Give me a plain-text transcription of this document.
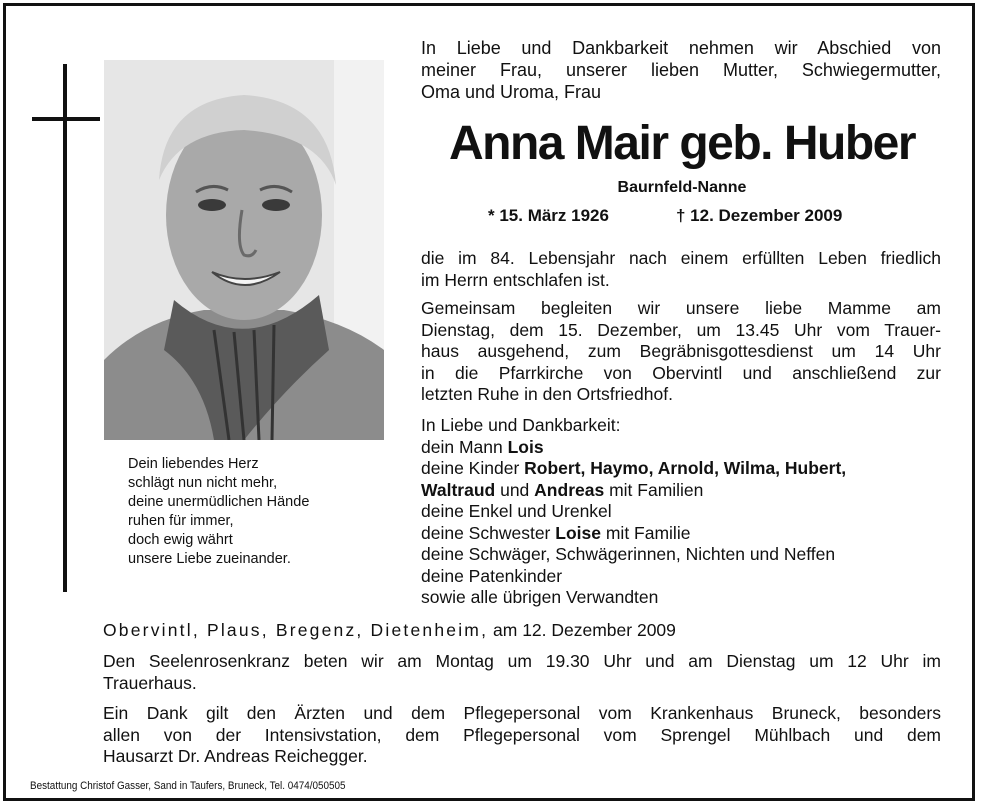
Dein liebendes Herz
schlägt nun nicht mehr,
deine unermüdlichen Hände
ruhen für immer,
doch ewig währt
unsere Liebe zueinander.
In Liebe und Dankbarkeit nehmen wir Abschied von
meiner Frau, unserer lieben Mutter, Schwiegermutter,
Oma und Uroma, Frau
Anna Mair geb. Huber
Baurnfeld-Nanne
* 15. März 1926	† 12. Dezember 2009
die im 84. Lebensjahr nach einem erfüllten Leben friedlich
im Herrn entschlafen ist.
Gemeinsam begleiten wir unsere liebe Mamme am
Dienstag, dem 15. Dezember, um 13.45 Uhr vom Trauer-
haus ausgehend, zum Begräbnisgottesdienst um 14 Uhr
in die Pfarrkirche von Obervintl und anschließend zur
letzten Ruhe in den Ortsfriedhof.
In Liebe und Dankbarkeit:
dein Mann Lois
deine Kinder Robert, Haymo, Arnold, Wilma, Hubert,
Waltraud und Andreas mit Familien
deine Enkel und Urenkel
deine Schwester Loise mit Familie
deine Schwäger, Schwägerinnen, Nichten und Neffen
deine Patenkinder
sowie alle übrigen Verwandten
Obervintl, Plaus, Bregenz, Dietenheim, am 12. Dezember 2009
Den Seelenrosenkranz beten wir am Montag um 19.30 Uhr und am Dienstag um 12 Uhr im
Trauerhaus.
Ein Dank gilt den Ärzten und dem Pflegepersonal vom Krankenhaus Bruneck, besonders
allen von der Intensivstation, dem Pflegepersonal vom Sprengel Mühlbach und dem
Hausarzt Dr. Andreas Reichegger.
Bestattung Christof Gasser, Sand in Taufers, Bruneck, Tel. 0474/050505
